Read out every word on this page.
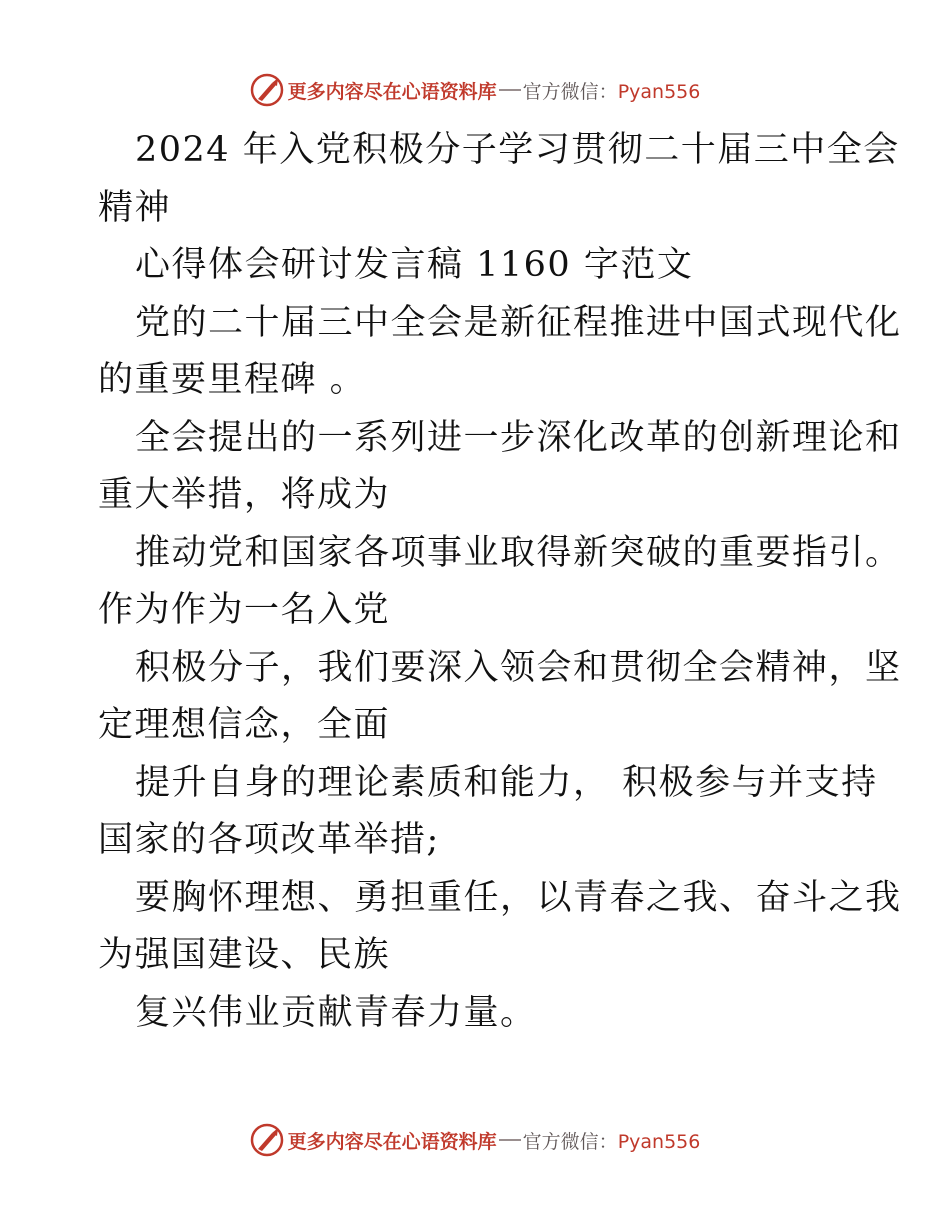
更多内容尽在心语资料库 官方微信：Pyan556
2024 年入党积极分子学习贯彻二十届三中全会
精神
心得体会研讨发言稿 1160 字范文
党的二十届三中全会是新征程推进中国式现代化
的重要里程碑 。
全会提出的一系列进一步深化改革的创新理论和
重大举措，将成为
推动党和国家各项事业取得新突破的重要指引。
作为作为一名入党
积极分子，我们要深入领会和贯彻全会精神，坚
定理想信念，全面
提升自身的理论素质和能力， 积极参与并支持
国家的各项改革举措;
要胸怀理想、勇担重任，以青春之我、奋斗之我
为强国建设、民族
复兴伟业贡献青春力量。
更多内容尽在心语资料库 官方微信：Pyan556
